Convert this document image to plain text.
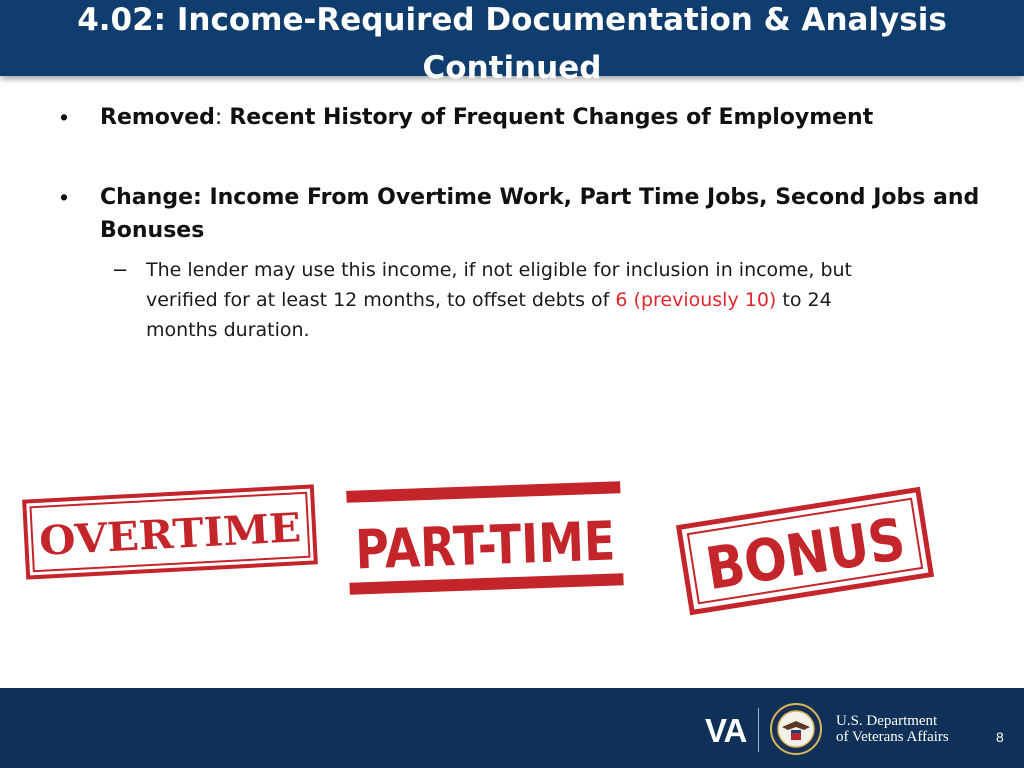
4.02: Income-Required Documentation & Analysis Continued
• Removed: Recent History of Frequent Changes of Employment
• Change: Income From Overtime Work, Part Time Jobs, Second Jobs and
Bonuses
– The lender may use this income, if not eligible for inclusion in income, but
verified for at least 12 months, to offset debts of 6 (previously 10) to 24
months duration.
OVERTIME PART-TIME BONUS
VA	U.S. Department
of Veterans Affairs	8
